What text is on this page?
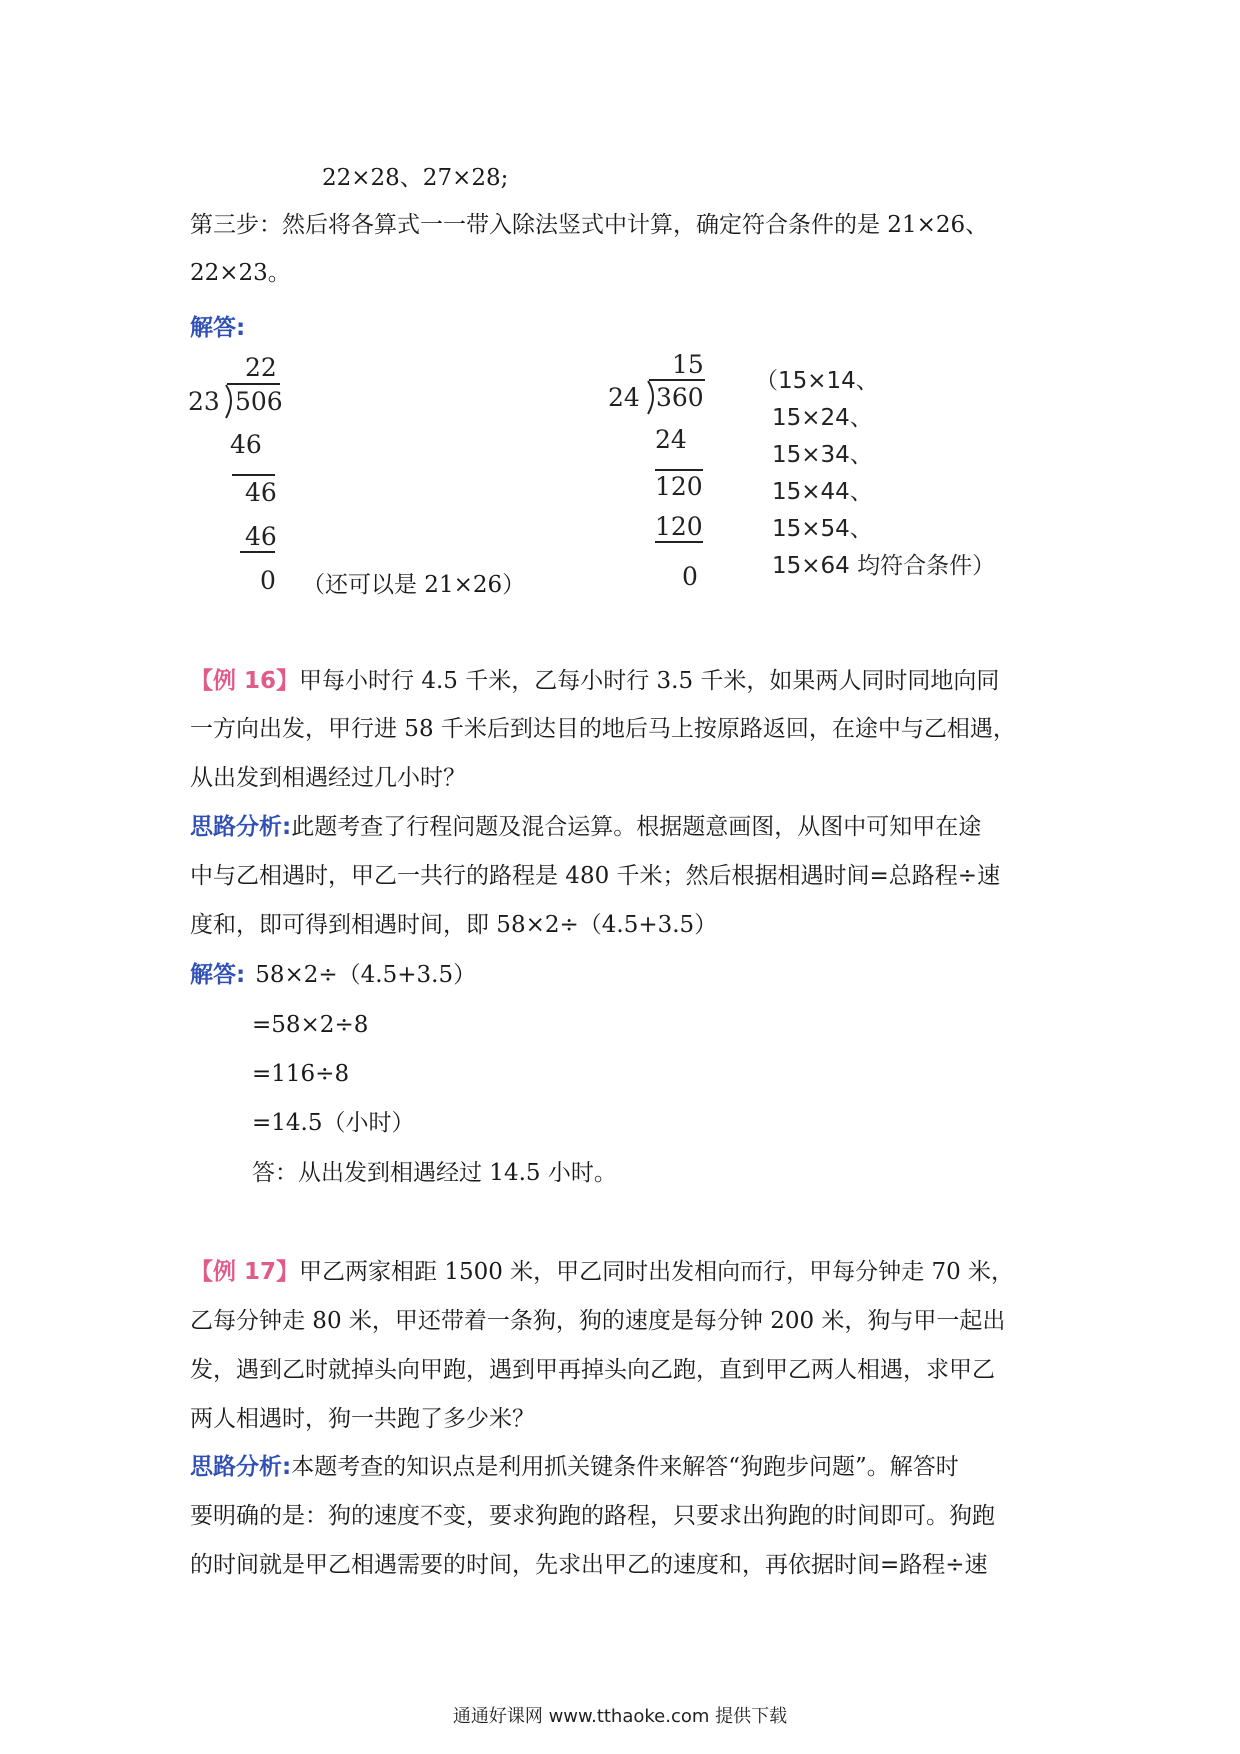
22×28、27×28;
第三步：然后将各算式一一带入除法竖式中计算，确定符合条件的是 21×26、
22×23。
解答:
22
23 506
46
46
46
0 （还可以是 21×26）
15
24 360
24
120
120
0
（15×14、
15×24、
15×34、
15×44、
15×54、
15×64 均符合条件）
【例 16】甲每小时行 4.5 千米，乙每小时行 3.5 千米，如果两人同时同地向同
一方向出发，甲行进 58 千米后到达目的地后马上按原路返回，在途中与乙相遇，
从出发到相遇经过几小时？
思路分析:此题考查了行程问题及混合运算。根据题意画图，从图中可知甲在途
中与乙相遇时，甲乙一共行的路程是 480 千米；然后根据相遇时间=总路程÷速
度和，即可得到相遇时间，即 58×2÷（4.5+3.5）
解答: 58×2÷（4.5+3.5）
=58×2÷8
=116÷8
=14.5（小时）
答：从出发到相遇经过 14.5 小时。
【例 17】甲乙两家相距 1500 米，甲乙同时出发相向而行，甲每分钟走 70 米，
乙每分钟走 80 米，甲还带着一条狗，狗的速度是每分钟 200 米，狗与甲一起出
发，遇到乙时就掉头向甲跑，遇到甲再掉头向乙跑，直到甲乙两人相遇，求甲乙
两人相遇时，狗一共跑了多少米？
思路分析:本题考查的知识点是利用抓关键条件来解答“狗跑步问题”。解答时
要明确的是：狗的速度不变，要求狗跑的路程，只要求出狗跑的时间即可。狗跑
的时间就是甲乙相遇需要的时间，先求出甲乙的速度和，再依据时间=路程÷速
通通好课网 www.tthaoke.com 提供下载
